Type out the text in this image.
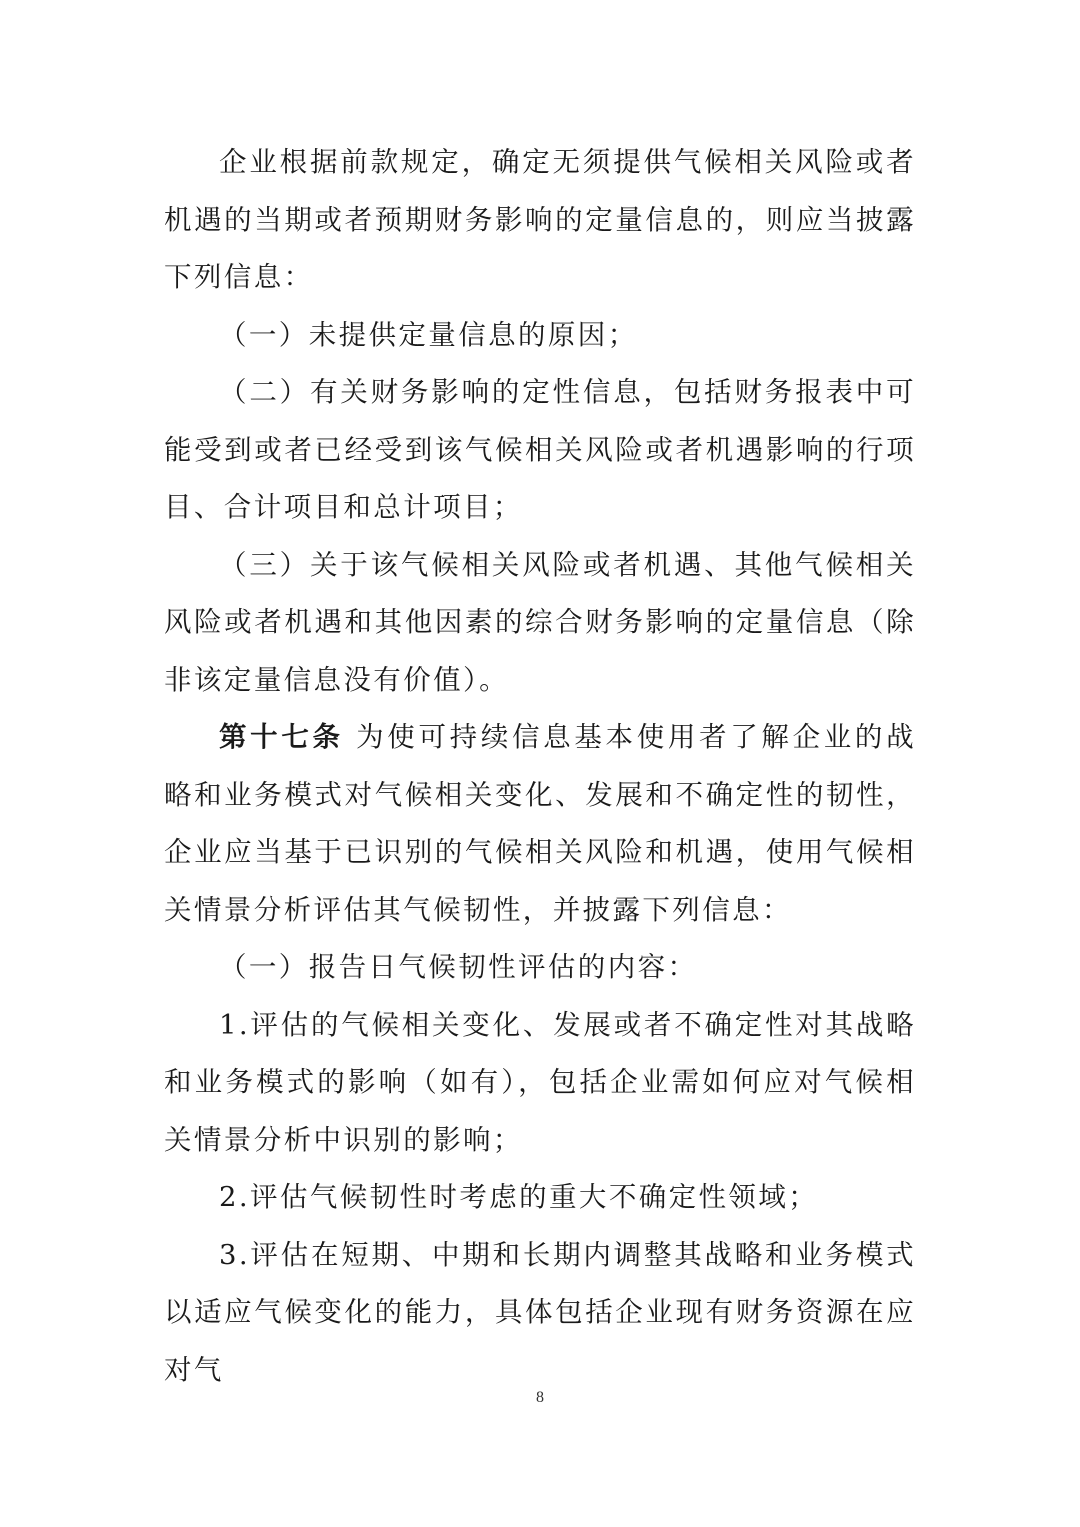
企业根据前款规定，确定无须提供气候相关风险或者机遇的当期或者预期财务影响的定量信息的，则应当披露下列信息：

（一）未提供定量信息的原因；

（二）有关财务影响的定性信息，包括财务报表中可能受到或者已经受到该气候相关风险或者机遇影响的行项目、合计项目和总计项目；

（三）关于该气候相关风险或者机遇、其他气候相关风险或者机遇和其他因素的综合财务影响的定量信息（除非该定量信息没有价值）。

第十七条 为使可持续信息基本使用者了解企业的战略和业务模式对气候相关变化、发展和不确定性的韧性，企业应当基于已识别的气候相关风险和机遇，使用气候相关情景分析评估其气候韧性，并披露下列信息：

（一）报告日气候韧性评估的内容：

1.评估的气候相关变化、发展或者不确定性对其战略和业务模式的影响（如有），包括企业需如何应对气候相关情景分析中识别的影响；

2.评估气候韧性时考虑的重大不确定性领域；

3.评估在短期、中期和长期内调整其战略和业务模式以适应气候变化的能力，具体包括企业现有财务资源在应对气

8
